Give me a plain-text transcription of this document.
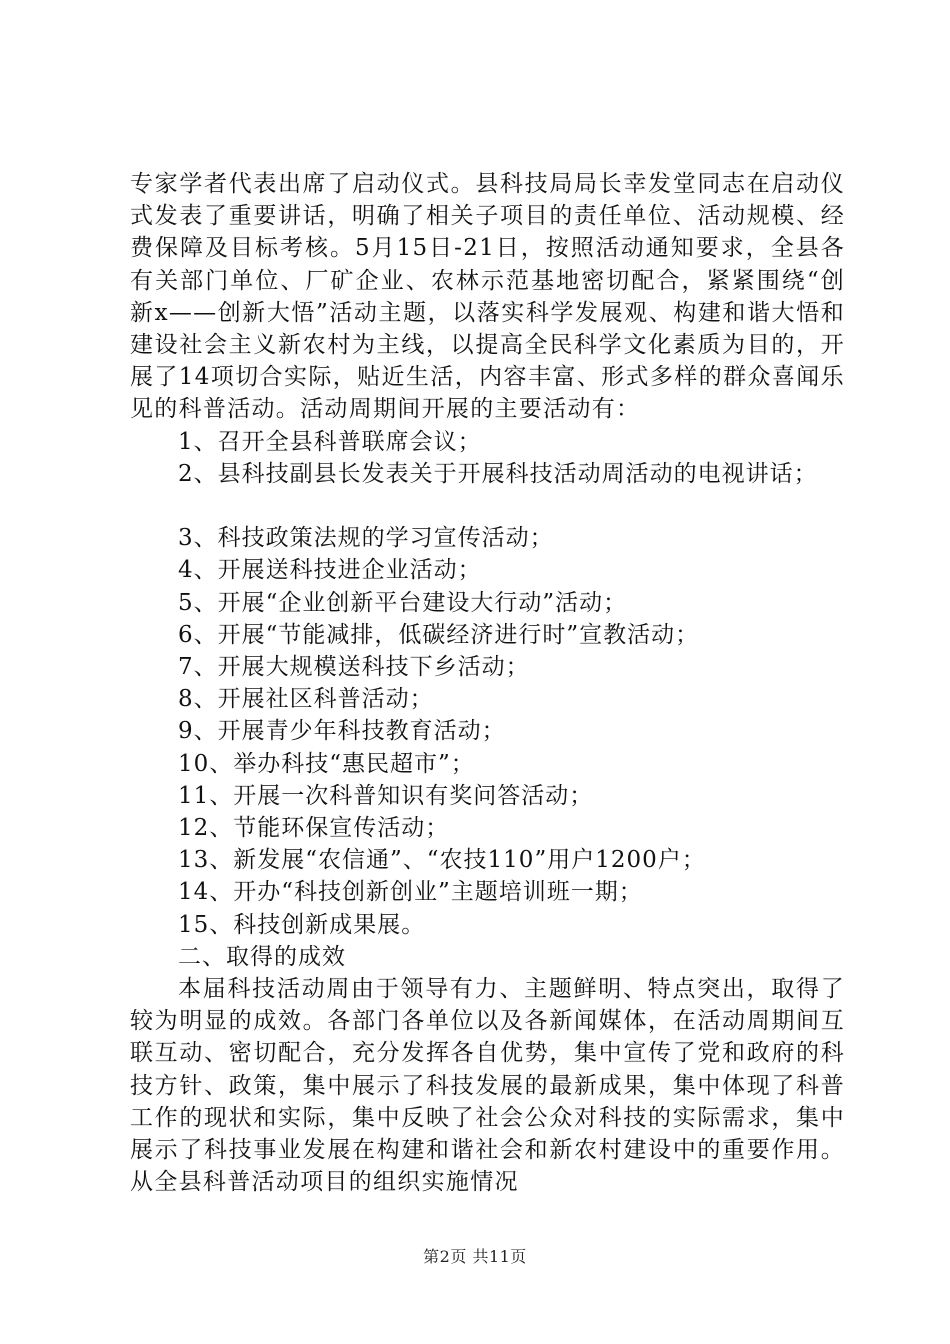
专家学者代表出席了启动仪式。县科技局局长幸发堂同志在启动仪式发表了重要讲话，明确了相关子项目的责任单位、活动规模、经费保障及目标考核。5月15日-21日，按照活动通知要求，全县各有关部门单位、厂矿企业、农林示范基地密切配合，紧紧围绕“创新x——创新大悟”活动主题，以落实科学发展观、构建和谐大悟和建设社会主义新农村为主线，以提高全民科学文化素质为目的，开展了14项切合实际，贴近生活，内容丰富、形式多样的群众喜闻乐见的科普活动。活动周期间开展的主要活动有：

1、召开全县科普联席会议；

2、县科技副县长发表关于开展科技活动周活动的电视讲话；

3、科技政策法规的学习宣传活动；

4、开展送科技进企业活动；

5、开展“企业创新平台建设大行动”活动；

6、开展“节能减排，低碳经济进行时”宣教活动；

7、开展大规模送科技下乡活动；

8、开展社区科普活动；

9、开展青少年科技教育活动；

10、举办科技“惠民超市”；

11、开展一次科普知识有奖问答活动；

12、节能环保宣传活动；

13、新发展“农信通”、“农技110”用户1200户；

14、开办“科技创新创业”主题培训班一期；

15、科技创新成果展。

二、取得的成效

本届科技活动周由于领导有力、主题鲜明、特点突出，取得了较为明显的成效。各部门各单位以及各新闻媒体，在活动周期间互联互动、密切配合，充分发挥各自优势，集中宣传了党和政府的科技方针、政策，集中展示了科技发展的最新成果，集中体现了科普工作的现状和实际，集中反映了社会公众对科技的实际需求，集中展示了科技事业发展在构建和谐社会和新农村建设中的重要作用。从全县科普活动项目的组织实施情况

第2页 共11页
